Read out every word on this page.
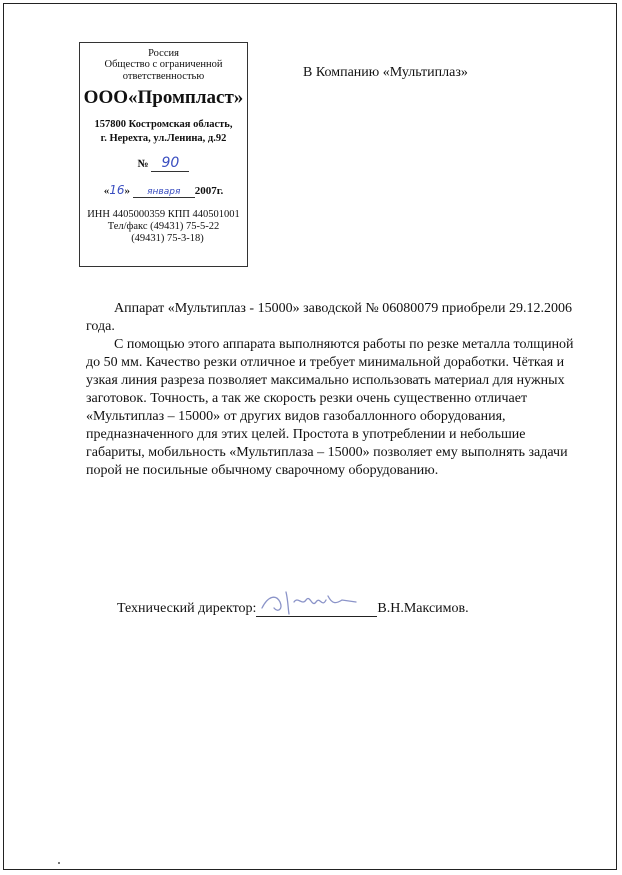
Россия
Общество с ограниченной
ответственностью
ООО«Промпласт»
157800 Костромская область,
г. Нерехта, ул.Ленина, д.92
№ 90
«16» января 2007г.
ИНН 4405000359 КПП 440501001
Тел/факс (49431) 75-5-22
(49431) 75-3-18)
В Компанию «Мультиплаз»

Аппарат «Мультиплаз - 15000» заводской № 06080079 приобрели 29.12.2006 года.

С помощью этого аппарата выполняются работы по резке металла толщиной до 50 мм. Качество резки отличное и требует минимальной доработки. Чёткая и узкая линия разреза позволяет максимально использовать материал для нужных заготовок. Точность, а так же скорость резки очень существенно отличает «Мультиплаз – 15000» от других видов газобаллонного оборудования, предназначенного для этих целей. Простота в употреблении и небольшие габариты, мобильность «Мультиплаза – 15000» позволяет ему выполнять задачи порой не посильные обычному сварочному оборудованию.

Технический директор:	В.Н.Максимов.
